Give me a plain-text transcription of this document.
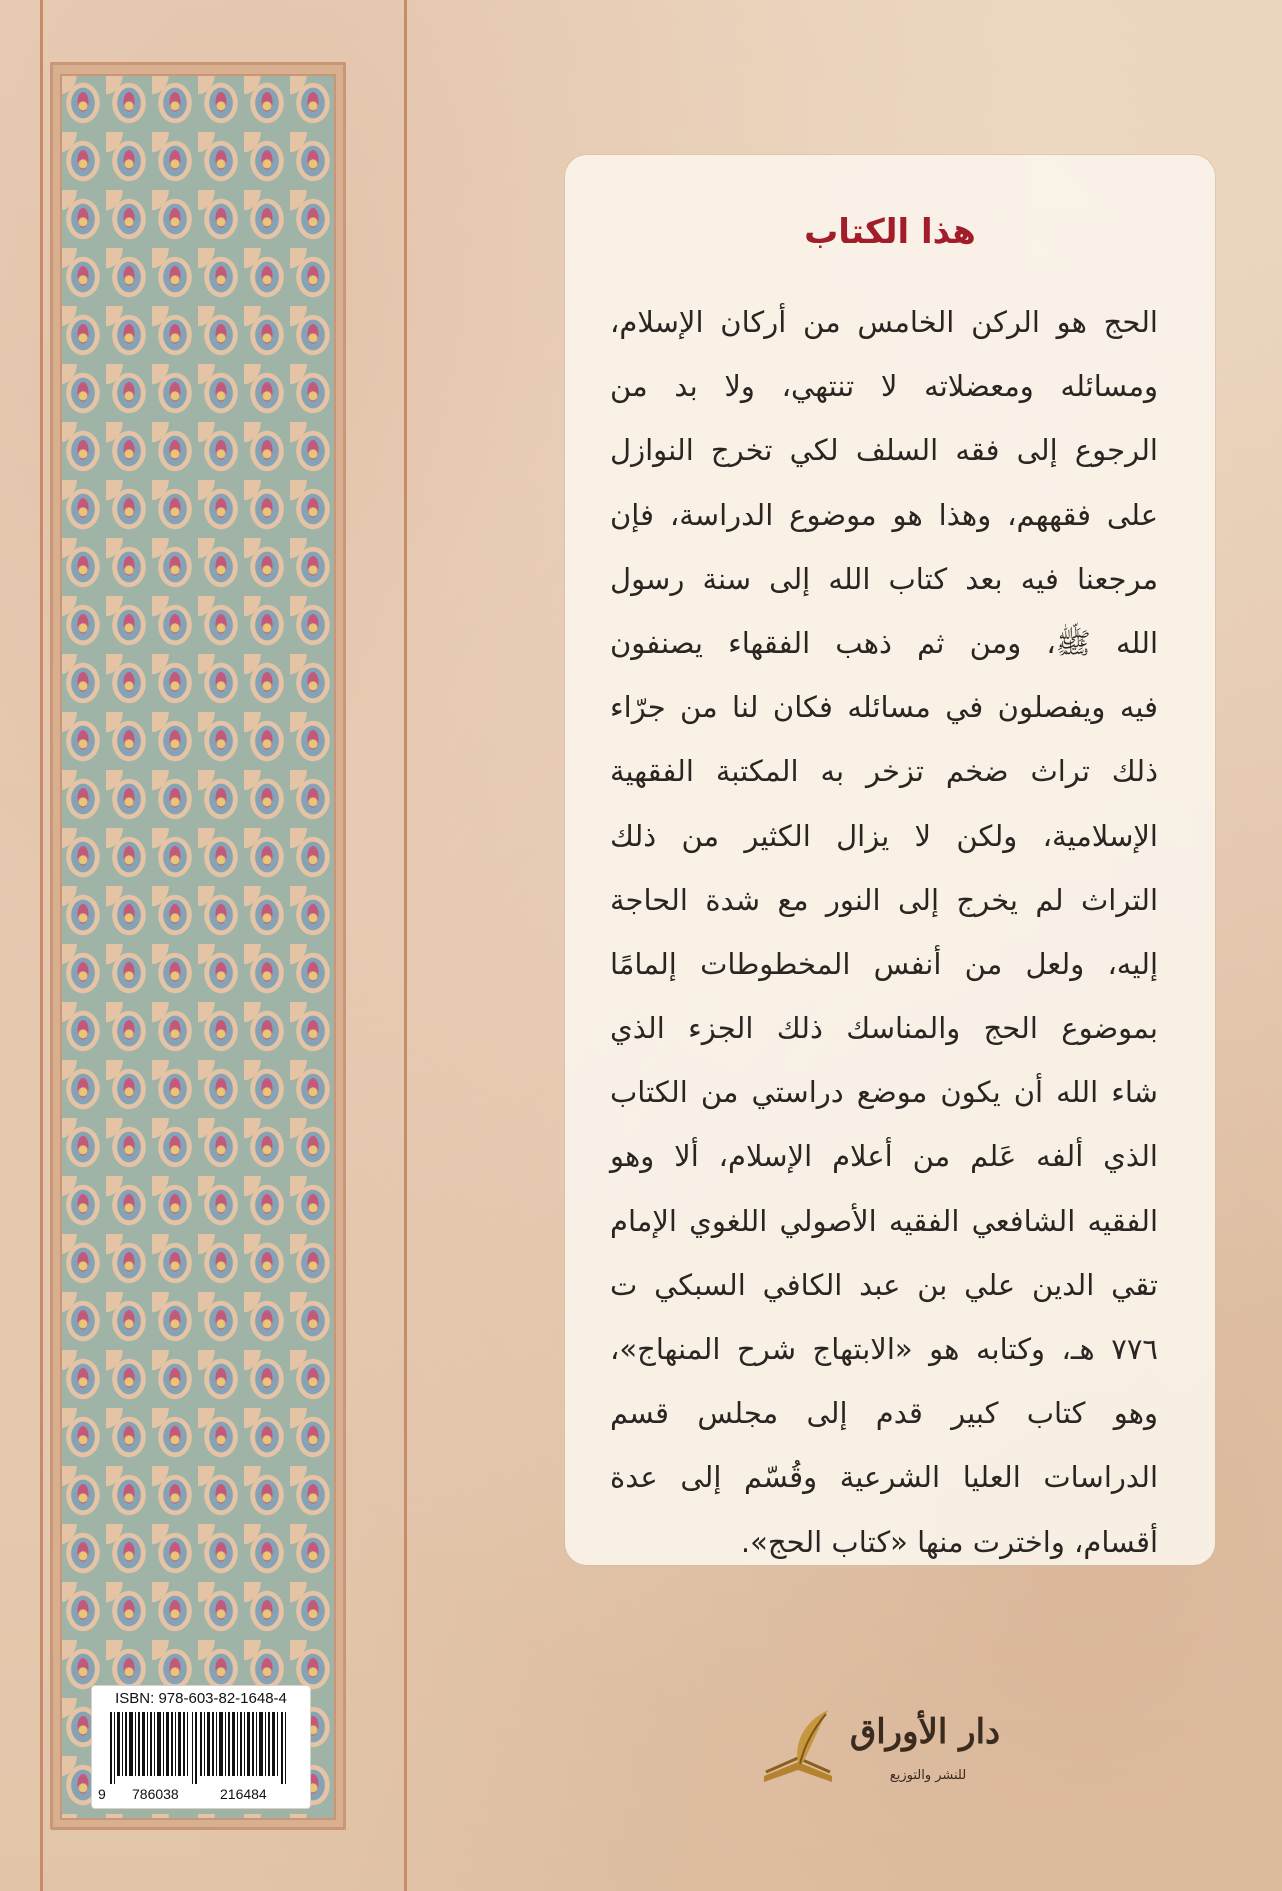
هذا الكتاب
الحج هو الركن الخامس من أركان الإسلام،
ومسائله ومعضلاته لا تنتهي، ولا بد من
الرجوع إلى فقه السلف لكي تخرج النوازل
على فقههم، وهذا هو موضوع الدراسة، فإن
مرجعنا فيه بعد كتاب الله إلى سنة رسول
الله ﷺ، ومن ثم ذهب الفقهاء يصنفون
فيه ويفصلون في مسائله فكان لنا من جرّاء
ذلك تراث ضخم تزخر به المكتبة الفقهية
الإسلامية، ولكن لا يزال الكثير من ذلك
التراث لم يخرج إلى النور مع شدة الحاجة
إليه، ولعل من أنفس المخطوطات إلمامًا
بموضوع الحج والمناسك ذلك الجزء الذي
شاء الله أن يكون موضع دراستي من الكتاب
الذي ألفه عَلم من أعلام الإسلام، ألا وهو
الفقيه الشافعي الفقيه الأصولي اللغوي الإمام
تقي الدين علي بن عبد الكافي السبكي ت
٧٧٦ هـ، وكتابه هو «الابتهاج شرح المنهاج»،
وهو كتاب كبير قدم إلى مجلس قسم
الدراسات العليا الشرعية وقُسّم إلى عدة
أقسام، واخترت منها «كتاب الحج».
ISBN: 978-603-82-1648-4
9 786038	216484
دار الأوراق
للنشر والتوزيع
